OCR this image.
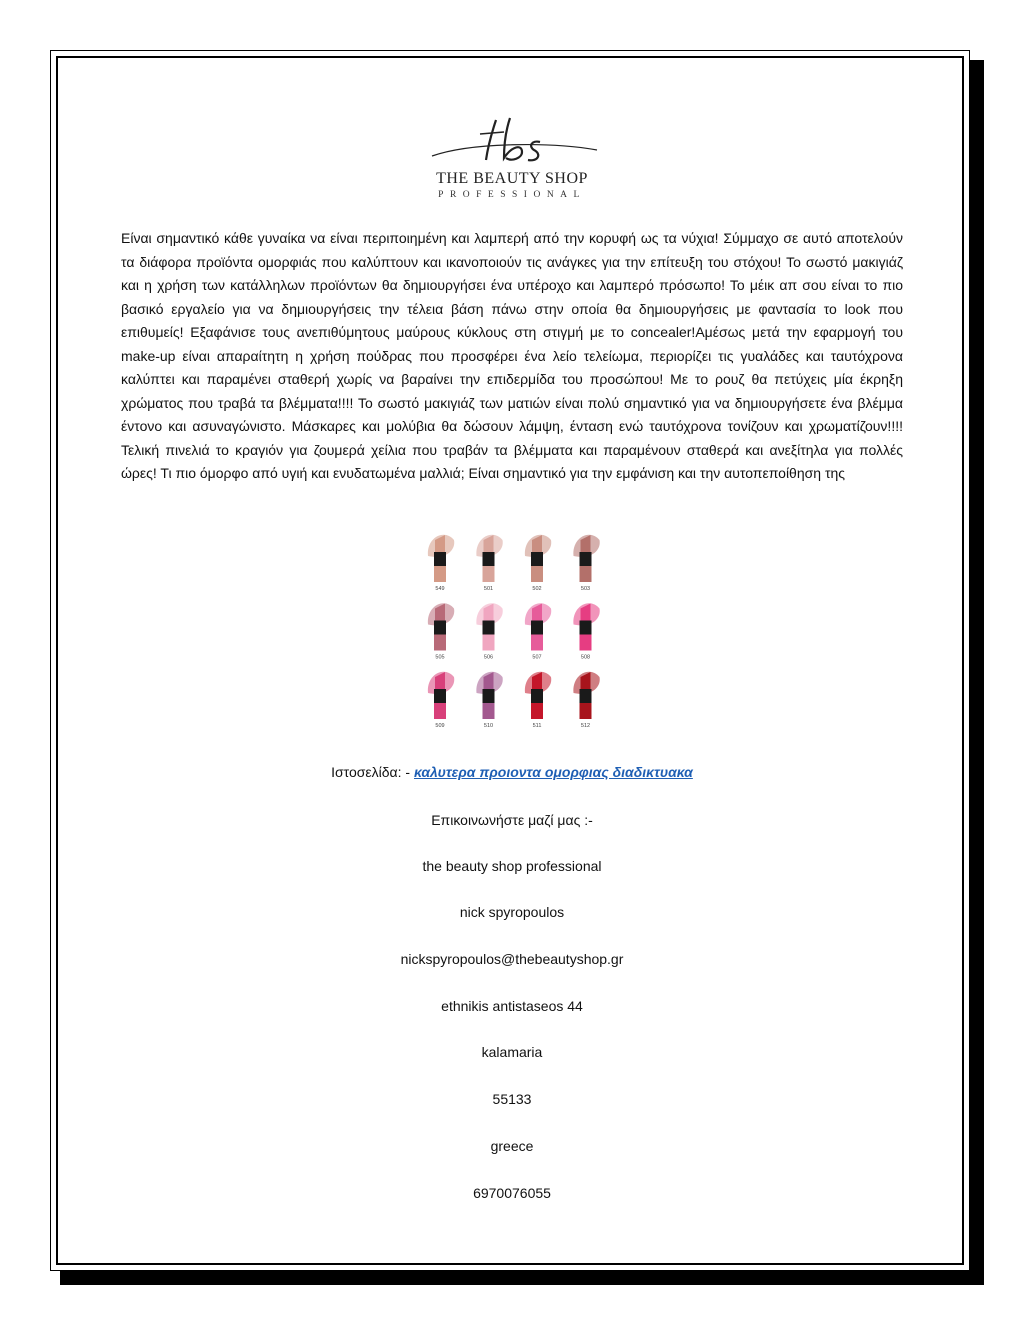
THE BEAUTY SHOP
PROFESSIONAL
Είναι σημαντικό κάθε γυναίκα να είναι περιποιημένη και λαμπερή από την κορυφή ως τα νύχια! Σύμμαχο σε αυτό αποτελούν τα διάφορα προϊόντα ομορφιάς που καλύπτουν και ικανοποιούν τις ανάγκες για την επίτευξη του στόχου! Το σωστό μακιγιάζ και η χρήση των κατάλληλων προϊόντων θα δημιουργήσει ένα υπέροχο και λαμπερό πρόσωπο! Το μέικ απ σου είναι το πιο βασικό εργαλείο για να δημιουργήσεις την τέλεια βάση πάνω στην οποία θα δημιουργήσεις με φαντασία το look που επιθυμείς! Εξαφάνισε τους ανεπιθύμητους μαύρους κύκλους στη στιγμή με το concealer!Αμέσως μετά την εφαρμογή του make-up είναι απαραίτητη η χρήση πούδρας που προσφέρει ένα λείο τελείωμα, περιορίζει τις γυαλάδες και ταυτόχρονα καλύπτει και παραμένει σταθερή χωρίς να βαραίνει την επιδερμίδα του προσώπου! Με το ρουζ θα πετύχεις μία έκρηξη χρώματος που τραβά τα βλέμματα!!!! Το σωστό μακιγιάζ των ματιών είναι πολύ σημαντικό για να δημιουργήσετε ένα βλέμμα έντονο και ασυναγώνιστο. Μάσκαρες και μολύβια θα δώσουν λάμψη, ένταση ενώ ταυτόχρονα τονίζουν και χρωματίζουν!!!! Τελική πινελιά το κραγιόν για ζουμερά χείλια που τραβάν τα βλέμματα και παραμένουν σταθερά και ανεξίτηλα για πολλές ώρες! Τι πιο όμορφο από υγιή και ενυδατωμένα μαλλιά; Είναι σημαντικό για την εμφάνιση και την αυτοπεποίθηση της
549	501	502	503
505	506	507	508
509	510	511	512
Ιστοσελίδα: - καλυτερα προιοντα ομορφιας διαδικτυακα
Επικοινωνήστε μαζί μας :-
the beauty shop professional
nick spyropoulos
nickspyropoulos@thebeautyshop.gr
ethnikis antistaseos 44
kalamaria
55133
greece
6970076055
